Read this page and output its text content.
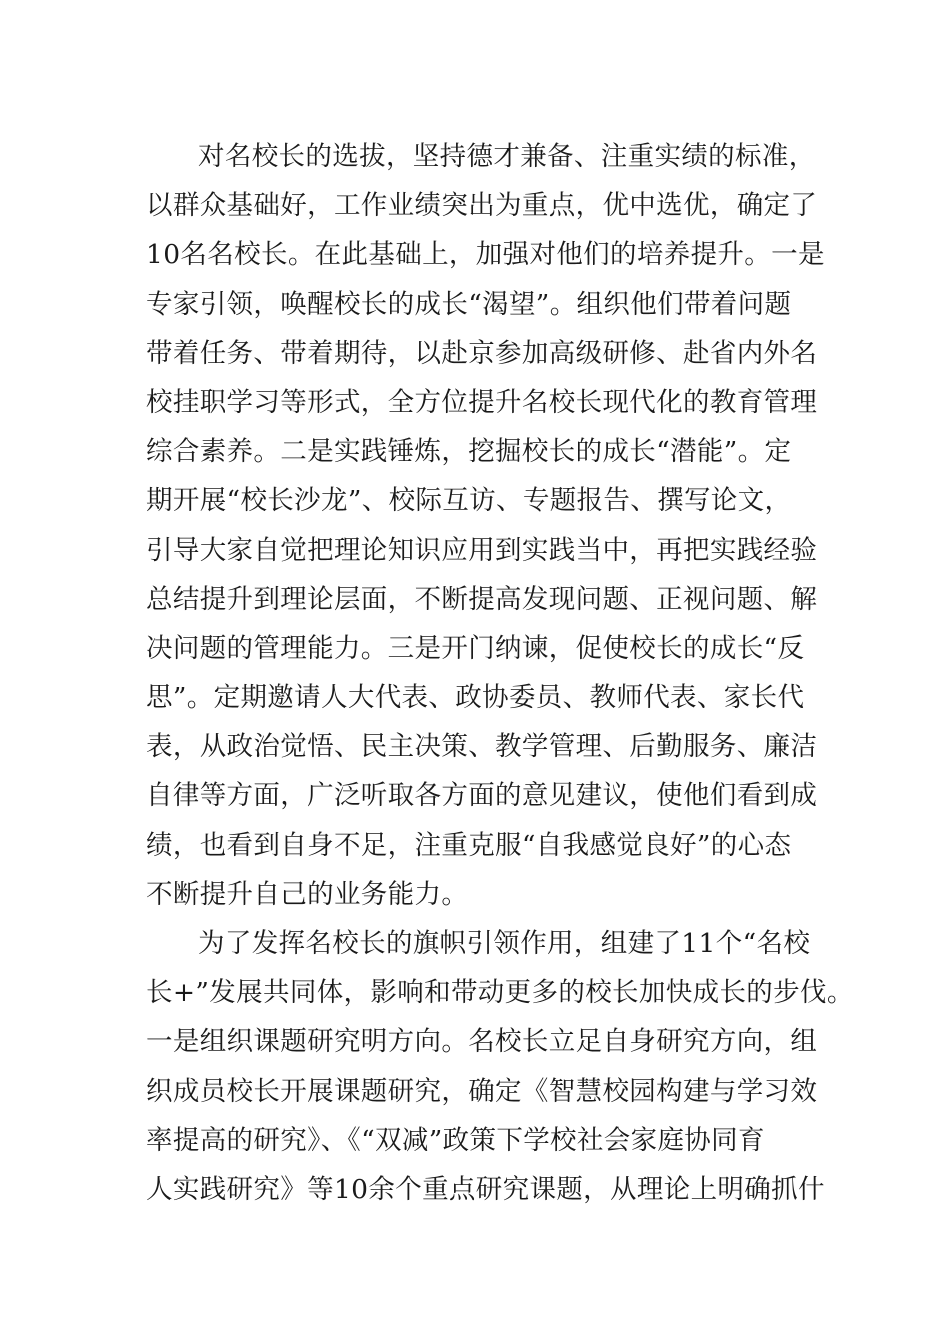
对名校长的选拔，坚持德才兼备、注重实绩的标准，
以群众基础好，工作业绩突出为重点，优中选优，确定了
10名名校长。在此基础上，加强对他们的培养提升。一是
专家引领，唤醒校长的成长“渴望”。组织他们带着问题
带着任务、带着期待，以赴京参加高级研修、赴省内外名
校挂职学习等形式，全方位提升名校长现代化的教育管理
综合素养。二是实践锤炼，挖掘校长的成长“潜能”。定
期开展“校长沙龙”、校际互访、专题报告、撰写论文，
引导大家自觉把理论知识应用到实践当中，再把实践经验
总结提升到理论层面，不断提高发现问题、正视问题、解
决问题的管理能力。三是开门纳谏，促使校长的成长“反
思”。定期邀请人大代表、政协委员、教师代表、家长代
表，从政治觉悟、民主决策、教学管理、后勤服务、廉洁
自律等方面，广泛听取各方面的意见建议，使他们看到成
绩，也看到自身不足，注重克服“自我感觉良好”的心态
不断提升自己的业务能力。
为了发挥名校长的旗帜引领作用，组建了11个“名校
长+”发展共同体，影响和带动更多的校长加快成长的步伐。
一是组织课题研究明方向。名校长立足自身研究方向，组
织成员校长开展课题研究，确定《智慧校园构建与学习效
率提高的研究》、《“双减”政策下学校社会家庭协同育
人实践研究》等10余个重点研究课题，从理论上明确抓什
